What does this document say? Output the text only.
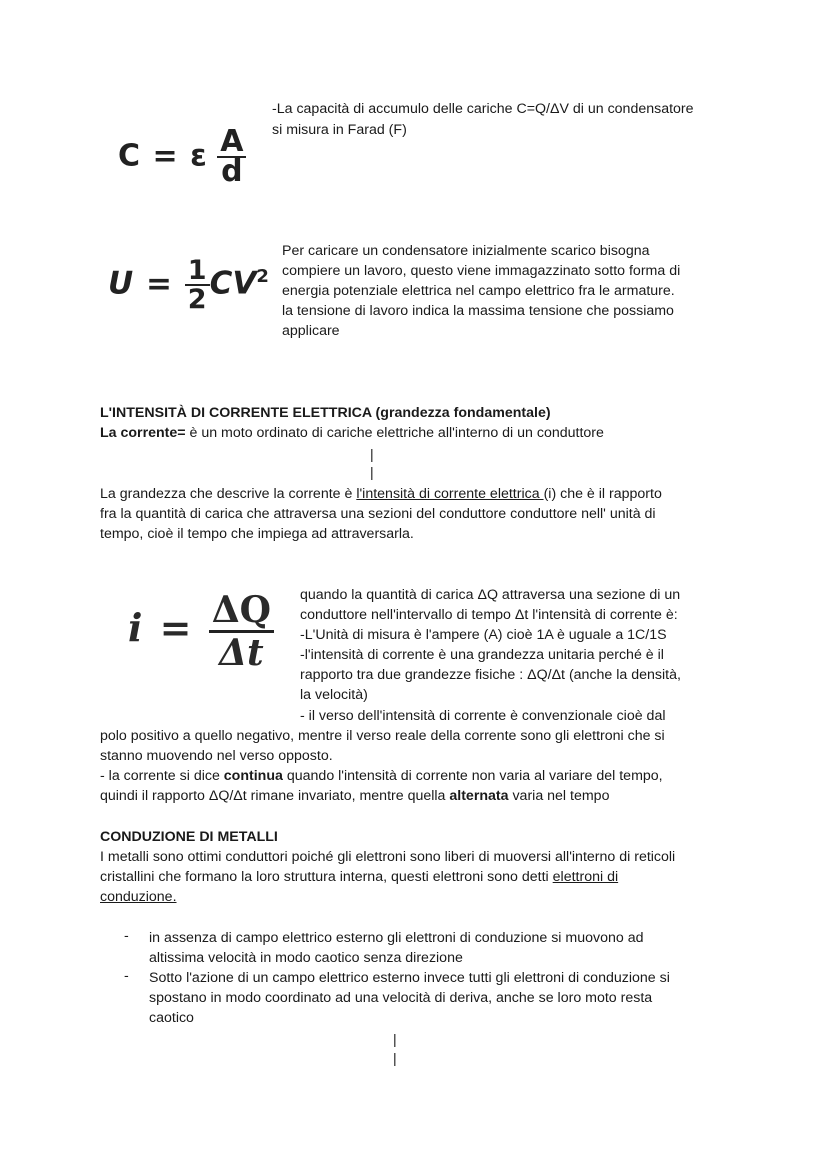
C = ε $\frac{A}{d}$
-La capacità di accumulo delle cariche C=Q/ΔV di un condensatore
si misura in Farad (F)
$U = \frac{1}{2} CV^2$
Per caricare un condensatore inizialmente scarico bisogna
compiere un lavoro, questo viene immagazzinato sotto forma di
energia potenziale elettrica nel campo elettrico fra le armature.
la tensione di lavoro indica la massima tensione che possiamo
applicare
L'INTENSITÀ DI CORRENTE ELETTRICA (grandezza fondamentale)
La corrente= è un moto ordinato di cariche elettriche all'interno di un conduttore
|
|
La grandezza che descrive la corrente è l'intensità di corrente elettrica (i) che è il rapporto
fra la quantità di carica che attraversa una sezioni del conduttore conduttore nell' unità di
tempo, cioè il tempo che impiega ad attraversarla.
$i = \frac{\Delta Q}{\Delta t}$ quando la quantità di carica ΔQ attraversa una sezione di un
conduttore nell'intervallo di tempo Δt l'intensità di corrente è:
-L'Unità di misura è l'ampere (A) cioè 1A è uguale a 1C/1S
-l'intensità di corrente è una grandezza unitaria perché è il
rapporto tra due grandezze fisiche : ΔQ/Δt (anche la densità,
la velocità)
- il verso dell'intensità di corrente è convenzionale cioè dal
polo positivo a quello negativo, mentre il verso reale della corrente sono gli elettroni che si
stanno muovendo nel verso opposto.
- la corrente si dice continua quando l'intensità di corrente non varia al variare del tempo,
quindi il rapporto ΔQ/Δt rimane invariato, mentre quella alternata varia nel tempo
CONDUZIONE DI METALLI
I metalli sono ottimi conduttori poiché gli elettroni sono liberi di muoversi all'interno di reticoli
cristallini che formano la loro struttura interna, questi elettroni sono detti elettroni di
conduzione.
- in assenza di campo elettrico esterno gli elettroni di conduzione si muovono ad
altissima velocità in modo caotico senza direzione
- Sotto l'azione di un campo elettrico esterno invece tutti gli elettroni di conduzione si
spostano in modo coordinato ad una velocità di deriva, anche se loro moto resta
caotico
|
|
